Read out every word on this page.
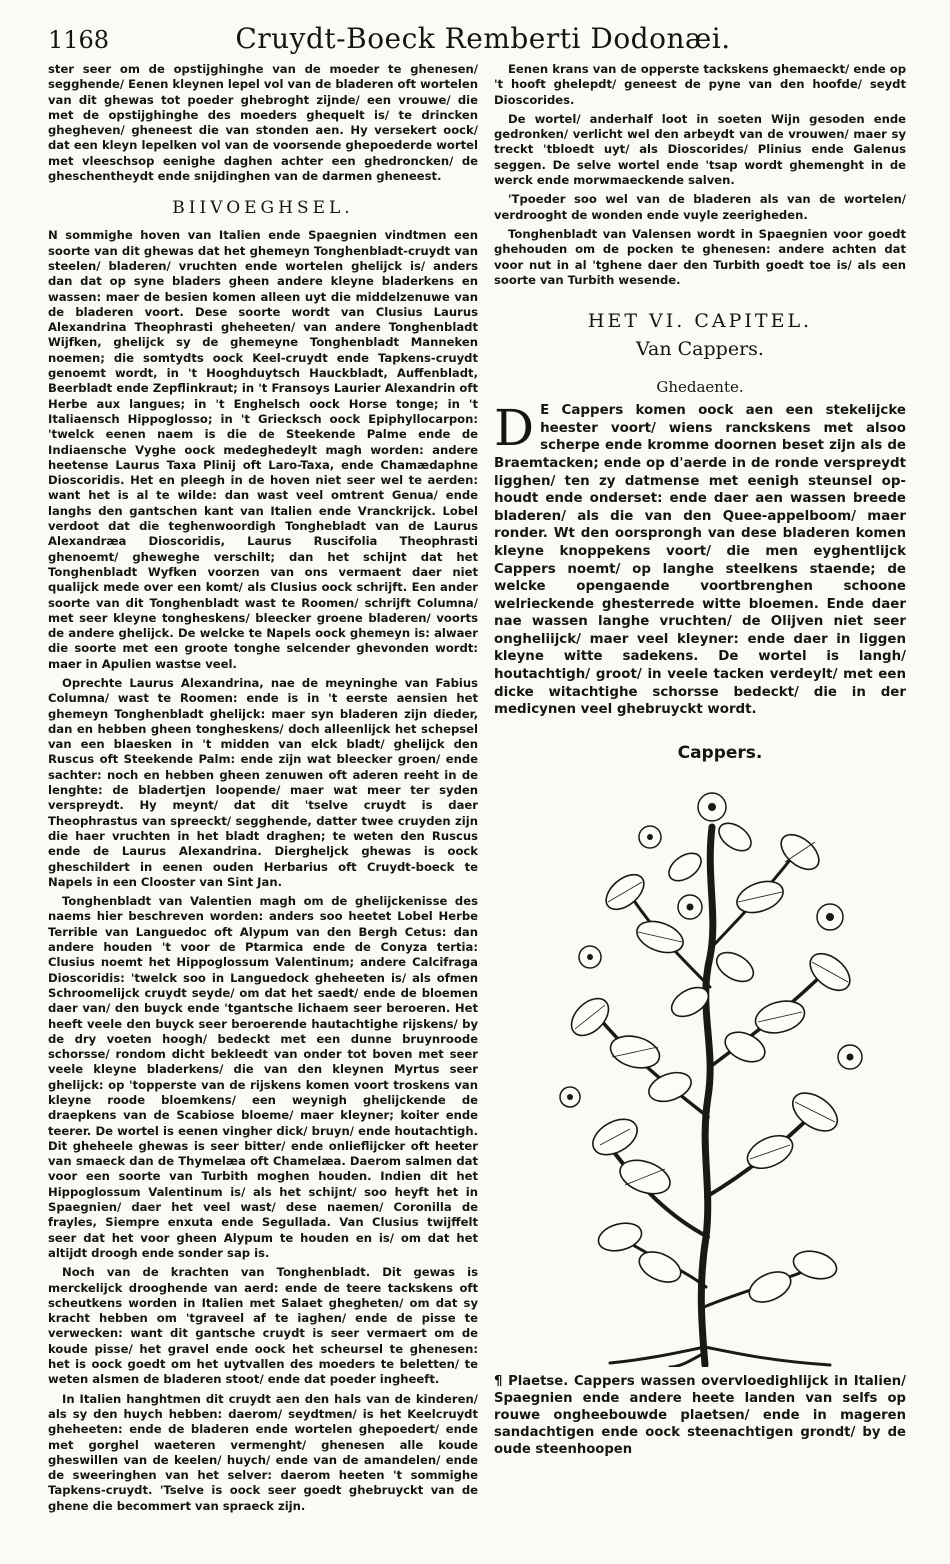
1168	Cruydt-Boeck Remberti Dodonæi.

ster seer om de opstijghinghe van de moeder te ghenesen/ segghende/ Eenen kleynen lepel vol van de bladeren oft wortelen van dit ghewas tot poeder ghebroght zijnde/ een vrouwe/ die met de opstijghinghe des moeders ghequelt is/ te drincken ghegheven/ gheneest die van stonden aen. Hy versekert oock/ dat een kleyn lepelken vol van de voorsende ghepoederde wortel met vleeschsop eenighe daghen achter een ghedroncken/ de gheschentheydt ende snijdinghen van de darmen gheneest.

BIIVOEGHSEL.

N sommighe hoven van Italien ende Spaegnien vindtmen een soorte van dit ghewas dat het ghemeyn Tonghenbladt-cruydt van steelen/ bladeren/ vruchten ende wortelen ghelijck is/ anders dan dat op syne bladers gheen andere kleyne bladerkens en wassen: maer de besien komen alleen uyt die middelzenuwe van de bladeren voort. Dese soorte wordt van Clusius Laurus Alexandrina Theophrasti gheheeten/ van andere Tonghenbladt Wijfken, ghelijck sy de ghemeyne Tonghenbladt Manneken noemen; die somtydts oock Keel-cruydt ende Tapkens-cruydt genoemt wordt, in 't Hooghduytsch Hauckbladt, Auffenbladt, Beerbladt ende Zepflinkraut; in 't Fransoys Laurier Alexandrin oft Herbe aux langues; in 't Enghelsch oock Horse tonge; in 't Italiaensch Hippoglosso; in 't Griecksch oock Epiphyllocarpon: 'twelck eenen naem is die de Steekende Palme ende de Indiaensche Vyghe oock medeghedeylt magh worden: andere heetense Laurus Taxa Plinij oft Laro-Taxa, ende Chamædaphne Dioscoridis. Het en pleegh in de hoven niet seer wel te aerden: want het is al te wilde: dan wast veel omtrent Genua/ ende langhs den gantschen kant van Italien ende Vranckrijck. Lobel verdoot dat die teghenwoordigh Tonghebladt van de Laurus Alexandræa Dioscoridis, Laurus Ruscifolia Theophrasti ghenoemt/ gheweghe verschilt; dan het schijnt dat het Tonghenbladt Wyfken voorzen van ons vermaent daer niet qualijck mede over een komt/ als Clusius oock schrijft. Een ander soorte van dit Tonghenbladt wast te Roomen/ schrijft Columna/ met seer kleyne tongheskens/ bleecker groene bladeren/ voorts de andere ghelijck. De welcke te Napels oock ghemeyn is: alwaer die soorte met een groote tonghe selcender ghevonden wordt: maer in Apulien wastse veel.

Oprechte Laurus Alexandrina, nae de meyninghe van Fabius Columna/ wast te Roomen: ende is in 't eerste aensien het ghemeyn Tonghenbladt ghelijck: maer syn bladeren zijn dieder, dan en hebben gheen tongheskens/ doch alleenlijck het schepsel van een blaesken in 't midden van elck bladt/ ghelijck den Ruscus oft Steekende Palm: ende zijn wat bleecker groen/ ende sachter: noch en hebben gheen zenuwen oft aderen reeht in de lenghte: de bladertjen loopende/ maer wat meer ter syden verspreydt. Hy meynt/ dat dit 'tselve cruydt is daer Theophrastus van spreeckt/ segghende, datter twee cruyden zijn die haer vruchten in het bladt draghen; te weten den Ruscus ende de Laurus Alexandrina. Diergheljck ghewas is oock gheschildert in eenen ouden Herbarius oft Cruydt-boeck te Napels in een Clooster van Sint Jan.

Tonghenbladt van Valentien magh om de ghelijckenisse des naems hier beschreven worden: anders soo heetet Lobel Herbe Terrible van Languedoc oft Alypum van den Bergh Cetus: dan andere houden 't voor de Ptarmica ende de Conyza tertia: Clusius noemt het Hippoglossum Valentinum; andere Calcifraga Dioscoridis: 'twelck soo in Languedock gheheeten is/ als ofmen Schroomelijck cruydt seyde/ om dat het saedt/ ende de bloemen daer van/ den buyck ende 'tgantsche lichaem seer beroeren. Het heeft veele den buyck seer beroerende hautachtighe rijskens/ by de dry voeten hoogh/ bedeckt met een dunne bruynroode schorsse/ rondom dicht bekleedt van onder tot boven met seer veele kleyne bladerkens/ die van den kleynen Myrtus seer ghelijck: op 'topperste van de rijskens komen voort troskens van kleyne roode bloemkens/ een weynigh ghelijckende de draepkens van de Scabiose bloeme/ maer kleyner; koiter ende teerer. De wortel is eenen vingher dick/ bruyn/ ende houtachtigh. Dit gheheele ghewas is seer bitter/ ende onlieflijcker oft heeter van smaeck dan de Thymelæa oft Chamelæa. Daerom salmen dat voor een soorte van Turbith moghen houden. Indien dit het Hippoglossum Valentinum is/ als het schijnt/ soo heyft het in Spaegnien/ daer het veel wast/ dese naemen/ Coronilla de frayles, Siempre enxuta ende Segullada. Van Clusius twijffelt seer dat het voor gheen Alypum te houden en is/ om dat het altijdt droogh ende sonder sap is.

Noch van de krachten van Tonghenbladt. Dit gewas is merckelijck drooghende van aerd: ende de teere tackskens oft scheutkens worden in Italien met Salaet ghegheten/ om dat sy kracht hebben om 'tgraveel af te iaghen/ ende de pisse te verwecken: want dit gantsche cruydt is seer vermaert om de koude pisse/ het gravel ende oock het scheursel te ghenesen: het is oock goedt om het uytvallen des moeders te beletten/ te weten alsmen de bladeren stoot/ ende dat poeder ingheeft.

In Italien hanghtmen dit cruydt aen den hals van de kinderen/ als sy den huych hebben: daerom/ seydtmen/ is het Keelcruydt gheheeten: ende de bladeren ende wortelen ghepoedert/ ende met gorghel waeteren vermenght/ ghenesen alle koude gheswillen van de keelen/ huych/ ende van de amandelen/ ende de sweeringhen van het selver: daerom heeten 't sommighe Tapkens-cruydt. 'Tselve is oock seer goedt ghebruyckt van de ghene die becommert van spraeck zijn.

Eenen krans van de opperste tackskens ghemaeckt/ ende op 't hooft ghelepdt/ geneest de pyne van den hoofde/ seydt Dioscorides.

De wortel/ anderhalf loot in soeten Wijn gesoden ende gedronken/ verlicht wel den arbeydt van de vrouwen/ maer sy treckt 'tbloedt uyt/ als Dioscorides/ Plinius ende Galenus seggen. De selve wortel ende 'tsap wordt ghemenght in de werck ende morwmaeckende salven.

'Tpoeder soo wel van de bladeren als van de wortelen/ verdrooght de wonden ende vuyle zeerigheden.

Tonghenbladt van Valensen wordt in Spaegnien voor goedt ghehouden om de pocken te ghenesen: andere achten dat voor nut in al 'tghene daer den Turbith goedt toe is/ als een soorte van Turbith wesende.

HET VI. CAPITEL.
Van Cappers.
Ghedaente.
D E Cappers komen oock aen een stekelijcke heester voort/ wiens ranckskens met alsoo scherpe ende kromme doornen beset zijn als de Braemtacken; ende op d'aerde in de ronde verspreydt ligghen/ ten zy datmense met eenigh steunsel op-houdt ende onderset: ende daer aen wassen breede bladeren/ als die van den Quee-appelboom/ maer ronder. Wt den oorsprongh van dese bladeren komen kleyne knoppekens voort/ die men eyghentlijck Cappers noemt/ op langhe steelkens staende; de welcke opengaende voortbrenghen schoone welrieckende ghesterrede witte bloemen. Ende daer nae wassen langhe vruchten/ de Olijven niet seer ongheliijck/ maer veel kleyner: ende daer in liggen kleyne witte sadekens. De wortel is langh/ houtachtigh/ groot/ in veele tacken verdeylt/ met een dicke witachtighe schorsse bedeckt/ die in der medicynen veel ghebruyckt wordt.

Cappers.

¶ Plaetse. Cappers wassen overvloedighlijck in Italien/ Spaegnien ende andere heete landen van selfs op rouwe ongheebouwde plaetsen/ ende in mageren sandachtigen ende oock steenachtigen grondt/ by de oude steenhoopen
